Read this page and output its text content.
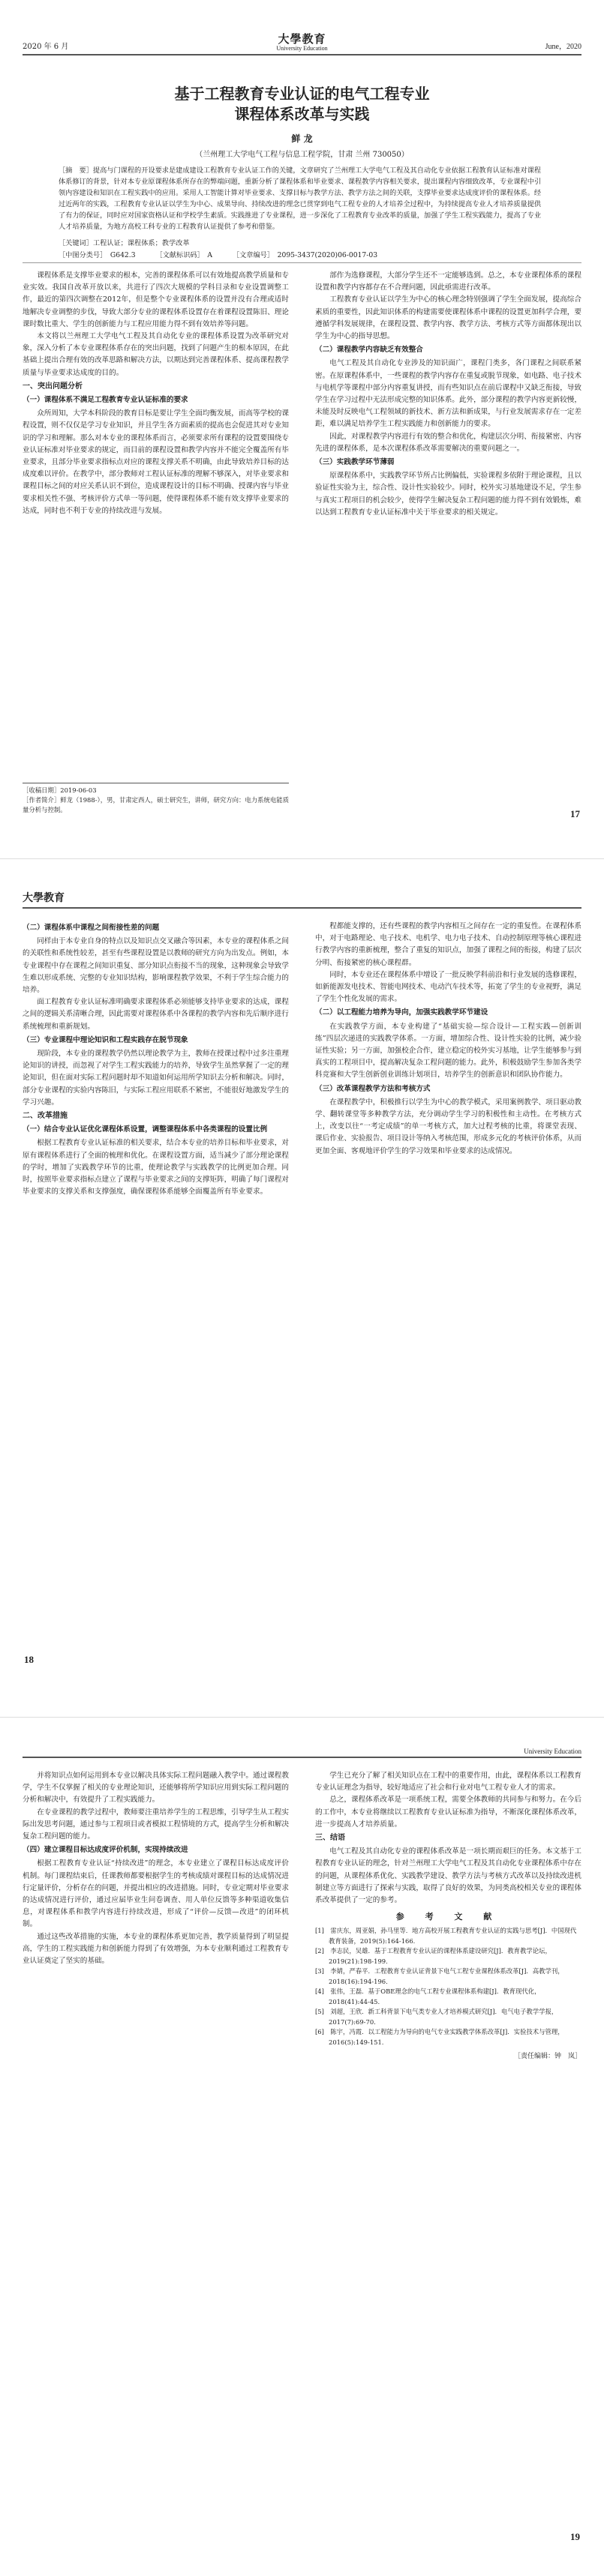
2020 年 6 月
大學教育
University Education	June，2020
基于工程教育专业认证的电气工程专业
课程体系改革与实践
鲜 龙
（兰州理工大学电气工程与信息工程学院，甘肃 兰州 730050）
［摘　要］提高与门课程的开设要求是建成建设工程教育专业认证工作的关键，文章研究了兰州理工大学电气工程及其自动化专业依据工程教育认证标准对课程体系修订的背景，针对本专业原课程体系所存在的弊端问题，重新分析了课程体系和毕业要求、课程教学内容相关要求，提出课程内容细致改革，专业课程中引领内容建设和知识在工程实践中的应用。采用人工智能计算对毕业要求、支撑目标与教学方法、教学方法之间的关联，支撑毕业要求达成度评价的课程体系。经过近两年的实践，工程教育专业认证以学生为中心、成果导向、持续改进的理念已贯穿到电气工程专业的人才培养全过程中，为持续提高专业人才培养质量提供了有力的保证，同时应对国家资格认证和学校学生素质。实践推进了专业课程，进一步深化了工程教育专业改革的质量，加强了学生工程实践能力，提高了专业人才培养质量，为地方高校工科专业的工程教育认证提供了参考和借鉴。
［关键词］工程认证；课程体系；教学改革
［中图分类号］　G642.3	［文献标识码］　A	［文章编号］　2095-3437(2020)06-0017-03

课程体系是支撑毕业要求的根本，完善的课程体系可以有效地提高教学质量和专业实效。我国自改革开放以来，共进行了四次大规模的学科目录和专业设置调整工作，最近的第四次调整在2012年，但是整个专业课程体系的设置并没有合理或适时地解决专业调整的步伐，导致大部分专业的课程体系设置存在着课程设置陈旧、理论课时数比重大、学生的创新能力与工程应用能力得不到有效培养等问题。

本文将以兰州理工大学电气工程及其自动化专业的课程体系设置为改革研究对象，深入分析了本专业课程体系存在的突出问题，找到了问题产生的根本原因，在此基础上提出合理有效的改革思路和解决方法，以期达到完善课程体系、提高课程教学质量与毕业要求达成度的目的。

一、突出问题分析
（一）课程体系不满足工程教育专业认证标准的要求

众所周知，大学本科阶段的教育目标是要让学生全面均衡发展，而高等学校的课程设置，则不仅仅是学习专业知识，并且学生各方面素质的提高也会促进其对专业知识的学习和理解。那么对本专业的课程体系而言，必须要求所有课程的设置要围绕专业认证标准对毕业要求的规定，而目前的课程设置和教学内容并不能完全覆盖所有毕业要求，且部分毕业要求指标点对应的课程支撑关系不明确，由此导致培养目标的达成度难以评价。在教学中，部分教师对工程认证标准的理解不够深入，对毕业要求和课程目标之间的对应关系认识不到位，造成课程设计的目标不明确、授课内容与毕业要求相关性不强、考核评价方式单一等问题，使得课程体系不能有效支撑毕业要求的达成，同时也不利于专业的持续改进与发展。

部作为选修课程，大部分学生还不一定能够选到。总之，本专业课程体系的课程设置和教学内容都存在不合理问题，因此亟需进行改革。

工程教育专业认证以学生为中心的核心理念特别强调了学生全面发展，提高综合素质的重要性，因此知识体系的构建需要使课程体系中课程的设置更加科学合理，要遵循学科发展规律，在课程设置、教学内容、教学方法、考核方式等方面都体现出以学生为中心的指导思想。

（二）课程教学内容缺乏有效整合

电气工程及其自动化专业涉及的知识面广，课程门类多，各门课程之间联系紧密。在原课程体系中，一些课程的教学内容存在重复或脱节现象，如电路、电子技术与电机学等课程中部分内容重复讲授，而有些知识点在前后课程中又缺乏衔接，导致学生在学习过程中无法形成完整的知识体系。此外，部分课程的教学内容更新较慢，未能及时反映电气工程领域的新技术、新方法和新成果，与行业发展需求存在一定差距，难以满足培养学生工程实践能力和创新能力的要求。

因此，对课程教学内容进行有效的整合和优化，构建层次分明、衔接紧密、内容先进的课程体系，是本次课程体系改革需要解决的重要问题之一。

（三）实践教学环节薄弱

原课程体系中，实践教学环节所占比例偏低，实验课程多依附于理论课程，且以验证性实验为主，综合性、设计性实验较少。同时，校外实习基地建设不足，学生参与真实工程项目的机会较少，使得学生解决复杂工程问题的能力得不到有效锻炼，难以达到工程教育专业认证标准中关于毕业要求的相关规定。

［收稿日期］2019-06-03
［作者简介］鲜龙（1988-），男，甘肃定西人，硕士研究生，讲师，研究方向：电力系统电能质量分析与控制。	17
大學教育
（二）课程体系中课程之间衔接性差的问题

同样由于本专业自身的特点以及知识点交叉融合等因素，本专业的课程体系之间的关联性和系统性较差，甚至有些课程设置是以教师的研究方向为出发点。例如，本专业课程中存在课程之间知识重复、部分知识点衔接不当的现象，这种现象会导致学生难以形成系统、完整的专业知识结构，影响课程教学效果，不利于学生综合能力的培养。

面工程教育专业认证标准明确要求课程体系必须能够支持毕业要求的达成，课程之间的逻辑关系清晰合理，因此需要对课程体系中各课程的教学内容和先后顺序进行系统梳理和重新规划。

（三）专业课程中理论知识和工程实践存在脱节现象

现阶段，本专业的课程教学仍然以理论教学为主，教师在授课过程中过多注重理论知识的讲授，而忽视了对学生工程实践能力的培养，导致学生虽然掌握了一定的理论知识，但在面对实际工程问题时却不知道如何运用所学知识去分析和解决。同时，部分专业课程的实验内容陈旧，与实际工程应用联系不紧密，不能很好地激发学生的学习兴趣。

二、改革措施
（一）结合专业认证优化课程体系设置，调整课程体系中各类课程的设置比例

根据工程教育专业认证标准的相关要求，结合本专业的培养目标和毕业要求，对原有课程体系进行了全面的梳理和优化。在课程设置方面，适当减少了部分理论课程的学时，增加了实践教学环节的比重，使理论教学与实践教学的比例更加合理。同时，按照毕业要求指标点建立了课程与毕业要求之间的支撑矩阵，明确了每门课程对毕业要求的支撑关系和支撑强度，确保课程体系能够全面覆盖所有毕业要求。

程都能支撑的，还有些课程的教学内容相互之间存在一定的重复性。在课程体系中，对于电路理论、电子技术、电机学、电力电子技术、自动控制原理等核心课程进行教学内容的重新梳理，整合了重复的知识点，加强了课程之间的衔接，构建了层次分明、衔接紧密的核心课程群。

同时，本专业还在课程体系中增设了一批反映学科前沿和行业发展的选修课程，如新能源发电技术、智能电网技术、电动汽车技术等，拓宽了学生的专业视野，满足了学生个性化发展的需求。

（二）以工程能力培养为导向，加强实践教学环节建设

在实践教学方面，本专业构建了“基础实验—综合设计—工程实践—创新训练”四层次递进的实践教学体系。一方面，增加综合性、设计性实验的比例，减少验证性实验；另一方面，加强校企合作，建立稳定的校外实习基地，让学生能够参与到真实的工程项目中，提高解决复杂工程问题的能力。此外，积极鼓励学生参加各类学科竞赛和大学生创新创业训练计划项目，培养学生的创新意识和团队协作能力。

（三）改革课程教学方法和考核方式

在课程教学中，积极推行以学生为中心的教学模式，采用案例教学、项目驱动教学、翻转课堂等多种教学方法，充分调动学生学习的积极性和主动性。在考核方式上，改变以往“一考定成绩”的单一考核方式，加大过程考核的比重，将课堂表现、课后作业、实验报告、项目设计等纳入考核范围，形成多元化的考核评价体系，从而更加全面、客观地评价学生的学习效果和毕业要求的达成情况。

18
University Education

并将知识点如何运用到本专业以解决具体实际工程问题融入教学中。通过课程教学，学生不仅掌握了相关的专业理论知识，还能够将所学知识应用到实际工程问题的分析和解决中，有效提升了工程实践能力。

在专业课程的教学过程中，教师要注重培养学生的工程思维，引导学生从工程实际出发思考问题，通过参与工程项目或者模拟工程情境的方式，提高学生分析和解决复杂工程问题的能力。

（四）建立课程目标达成度评价机制，实现持续改进

根据工程教育专业认证“持续改进”的理念，本专业建立了课程目标达成度评价机制。每门课程结束后，任课教师都要根据学生的考核成绩对课程目标的达成情况进行定量评价，分析存在的问题，并提出相应的改进措施。同时，专业定期对毕业要求的达成情况进行评价，通过应届毕业生问卷调查、用人单位反馈等多种渠道收集信息，对课程体系和教学内容进行持续改进，形成了“评价—反馈—改进”的闭环机制。

通过这些改革措施的实施，本专业的课程体系更加完善，教学质量得到了明显提高，学生的工程实践能力和创新能力得到了有效增强，为本专业顺利通过工程教育专业认证奠定了坚实的基础。

学生已充分了解了相关知识点在工程中的重要作用，由此，课程体系以工程教育专业认证理念为指导，较好地适应了社会和行业对电气工程专业人才的需求。

总之，课程体系改革是一项系统工程，需要全体教师的共同参与和努力。在今后的工作中，本专业将继续以工程教育专业认证标准为指导，不断深化课程体系改革，进一步提高人才培养质量。

三、结语

电气工程及其自动化专业的课程体系改革是一项长期而艰巨的任务。本文基于工程教育专业认证的理念，针对兰州理工大学电气工程及其自动化专业课程体系中存在的问题，从课程体系优化、实践教学建设、教学方法与考核方式改革以及持续改进机制建立等方面进行了探索与实践，取得了良好的效果，为同类高校相关专业的课程体系改革提供了一定的参考。

参 考 文 献
[1]　雷庆东，周亚娟，孙马里等．地方高校开展工程教育专业认证的实践与思考[J]．中国现代教育装备，2019(5):164-166.
[2]　李志民，吴雄．基于工程教育专业认证的课程体系建设研究[J]．教育教学论坛，2019(21):198-199.
[3]　李婧，严春平．工程教育专业认证背景下电气工程专业课程体系改革[J]．高教学刊，2018(16):194-196.
[4]　张伟，王磊．基于OBE理念的电气工程专业课程体系构建[J]．教育现代化，2018(41):44-45.
[5]　刘超，王欣．新工科背景下电气类专业人才培养模式研究[J]．电气电子教学学报，2017(7):69-70.
[6]　陈宇，冯霞．以工程能力为导向的电气专业实践教学体系改革[J]．实验技术与管理，2016(5):149-151.
［责任编辑：钟　岚］
19
